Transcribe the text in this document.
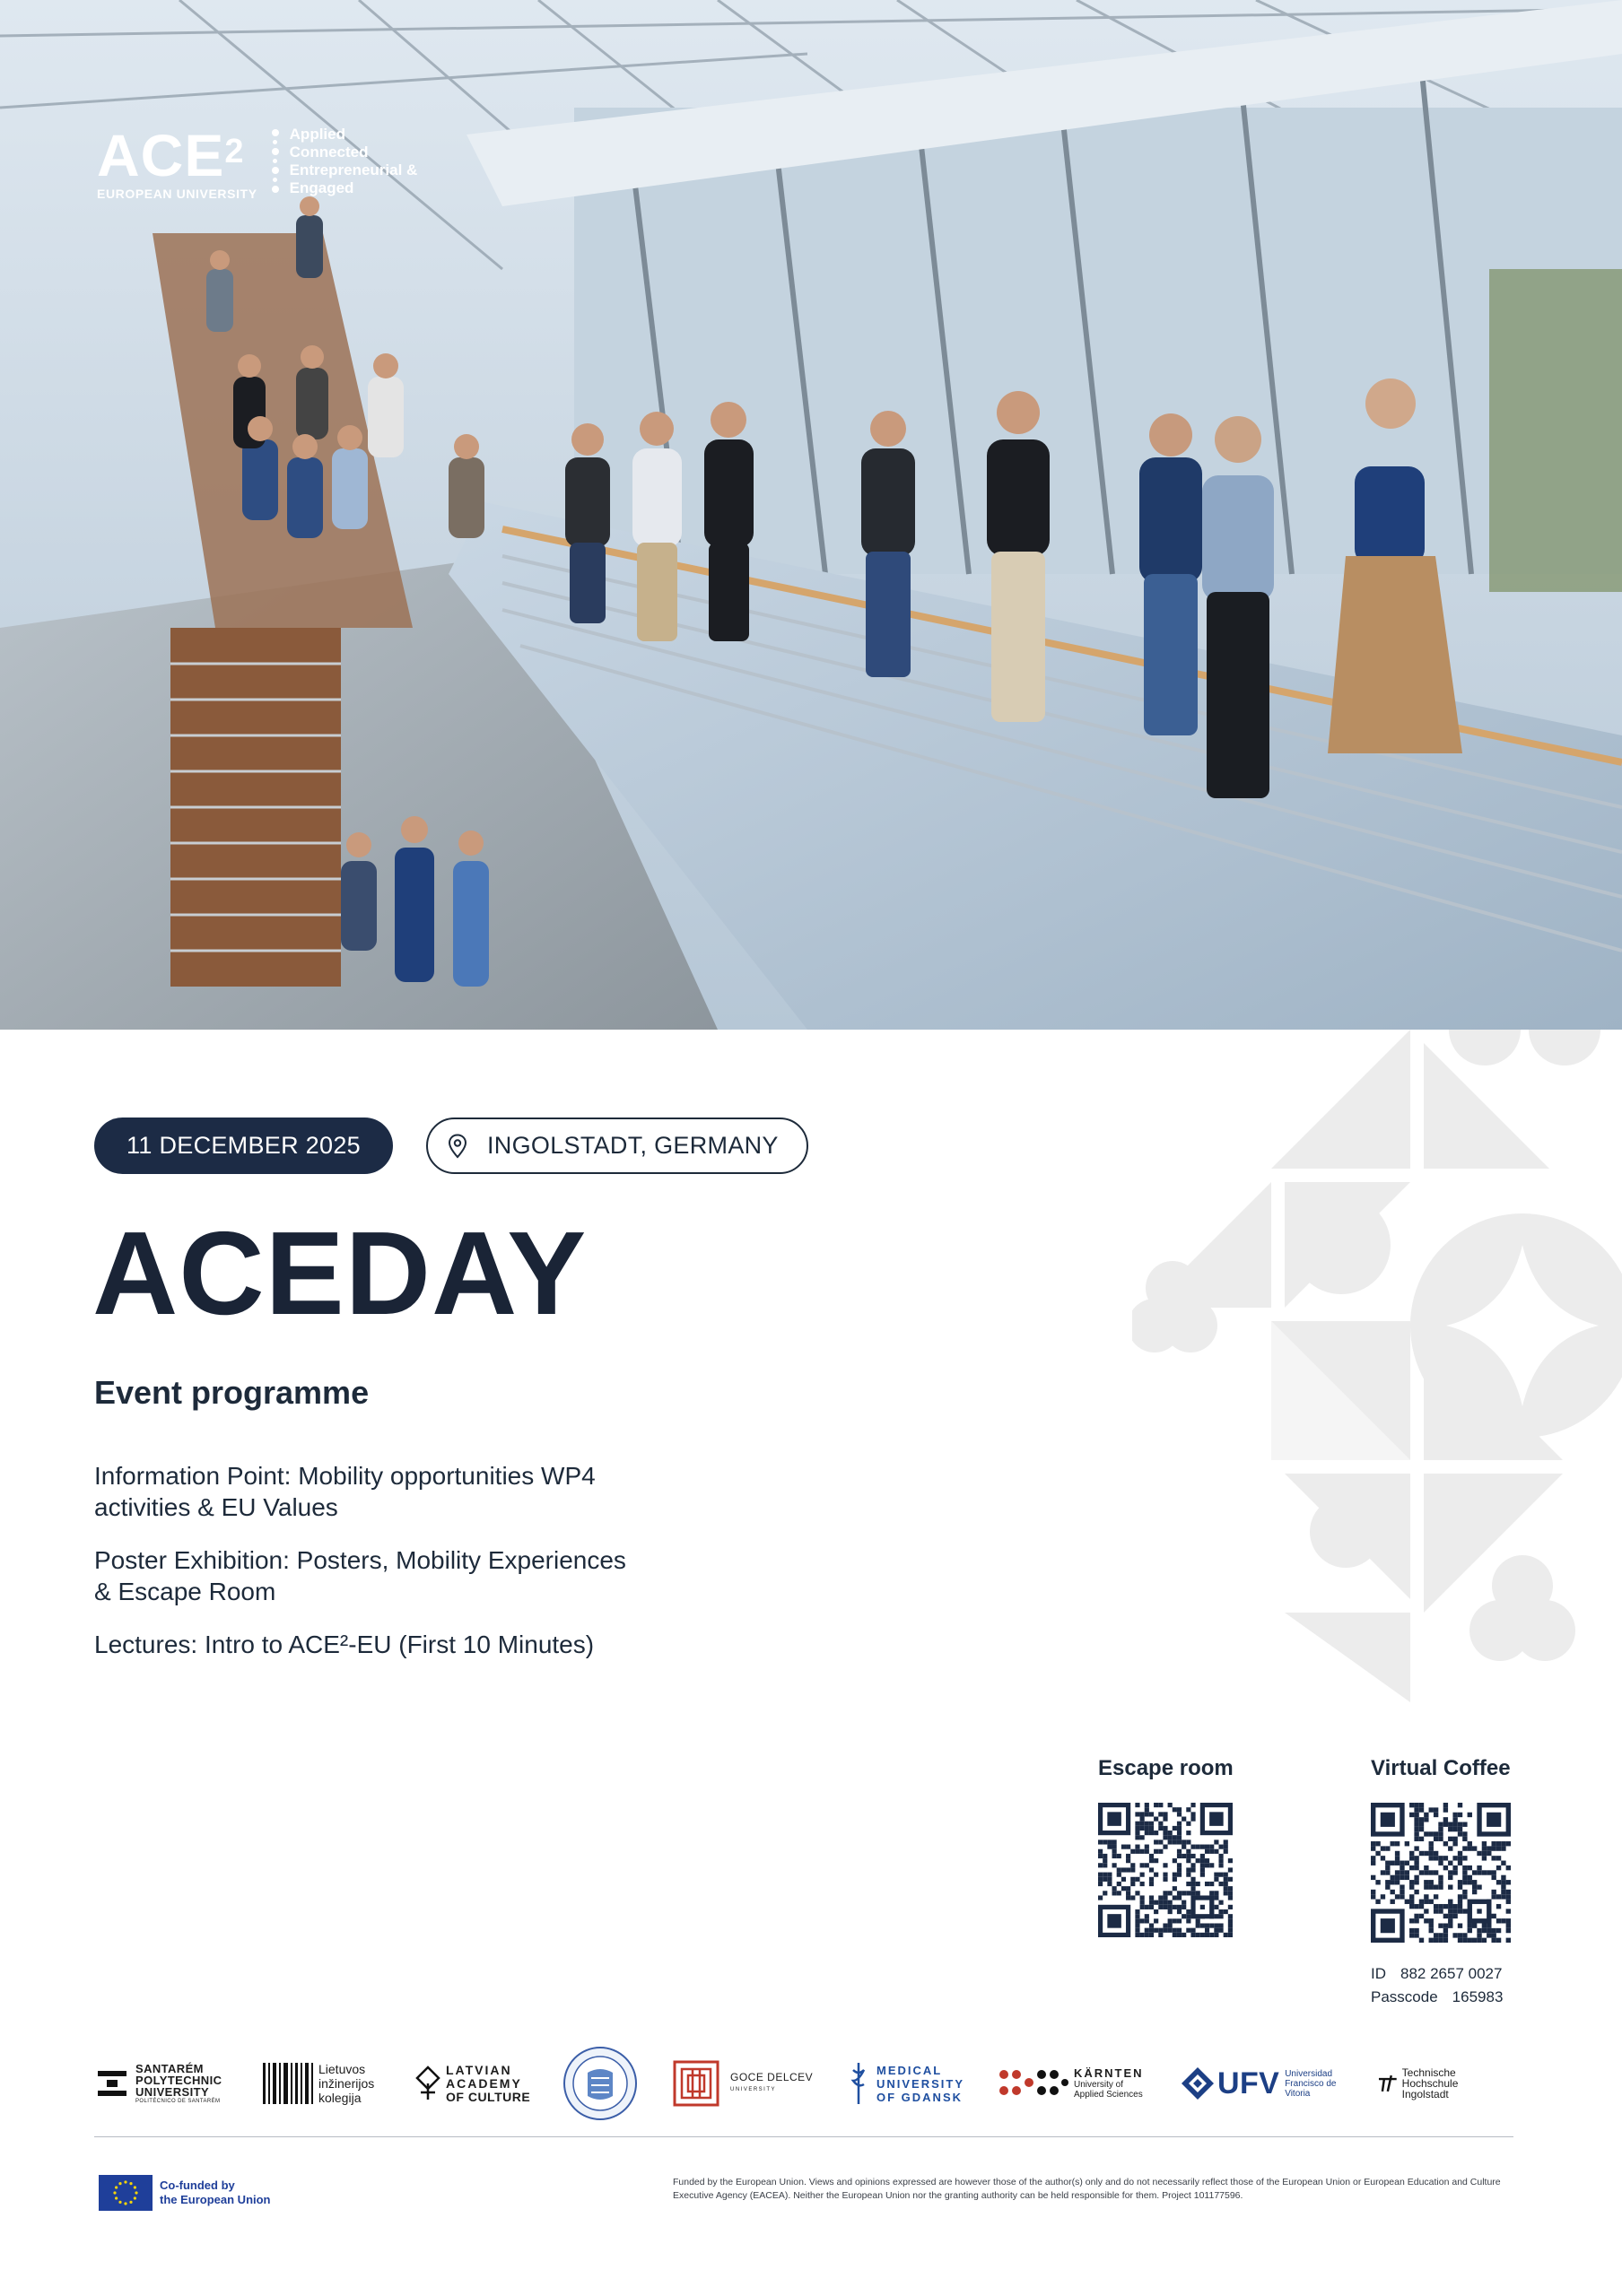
ACE$^2$
EUROPEAN UNIVERSITY
Applied
Connected
Entrepreneurial &
Engaged
11 DECEMBER 2025	INGOLSTADT, GERMANY
ACEDAY
Event programme
Information Point: Mobility opportunities WP4 activities & EU Values
Poster Exhibition: Posters, Mobility Experiences & Escape Room
Lectures: Intro to ACE²-EU (First 10 Minutes)
Escape room	Virtual Coffee
ID 882 2657 0027
Passcode 165983
SANTARÉM
POLYTECHNIC
UNIVERSITY
POLITÉCNICO DE SANTARÉM
Lietuvos
inžinerijos
kolegija
LATVIAN
ACADEMY
OF CULTURE
GOCE DELCEV
UNIVERSITY
MEDICAL
UNIVERSITY
OF GDANSK
KÄRNTEN
University of
Applied Sciences UFV Universidad
Francisco de
Vitoria
Technische Hochschule
Ingolstadt
Co-funded by
the European Union
Funded by the European Union. Views and opinions expressed are however those of the author(s) only and do not necessarily reflect those of the European Union or European Education and Culture Executive Agency (EACEA). Neither the European Union nor the granting authority can be held responsible for them. Project 101177596.
